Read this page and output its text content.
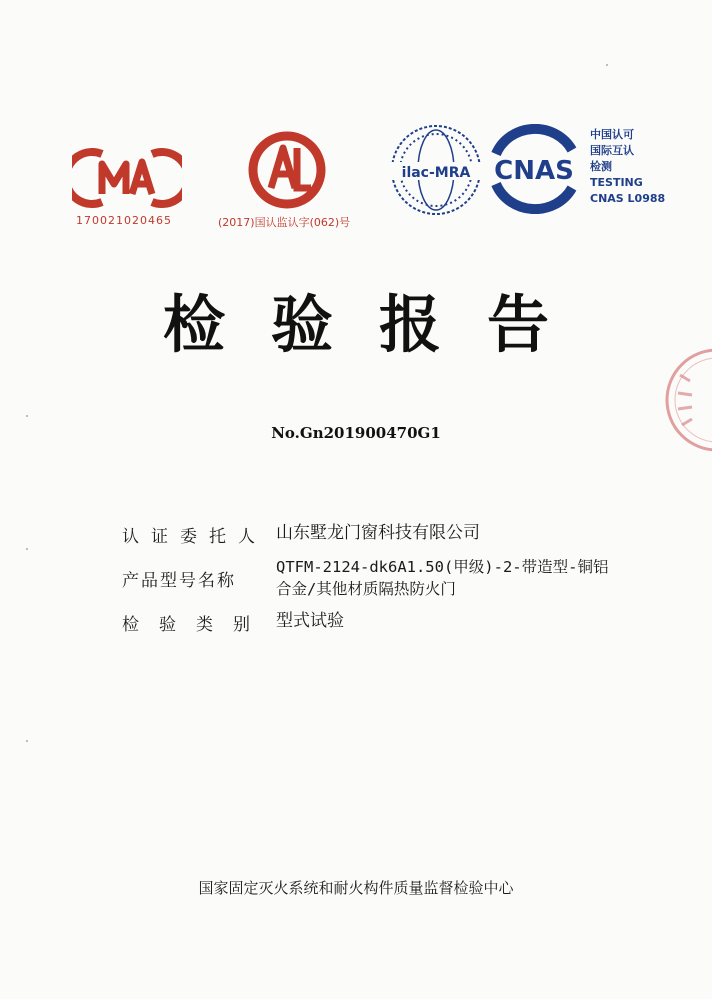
170021020465	(2017)国认监认字(062)号
ilac-MRA CNAS
中国认可
国际互认
检测
TESTING
CNAS L0988
检验报告
No.Gn201900470G1
认证委托人 山东墅龙门窗科技有限公司
产品型号名称
QTFM-2124-dk6A1.50(甲级)-2-带造型-铜铝
合金/其他材质隔热防火门
检验类别 型式试验
国家固定灭火系统和耐火构件质量监督检验中心
